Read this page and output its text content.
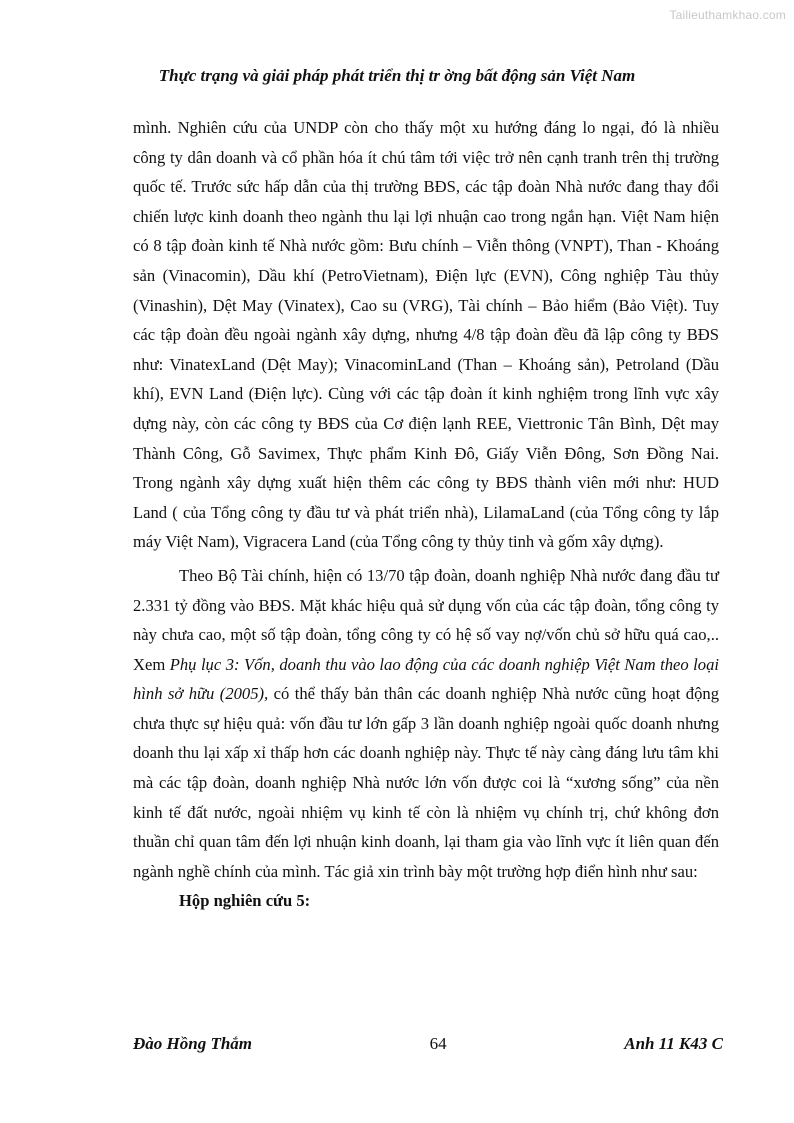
Tailieuthamkhao.com
Thực trạng và giải pháp phát triển thị tr ờng bất động sản Việt Nam

mình. Nghiên cứu của UNDP còn cho thấy một xu hướng đáng lo ngại, đó là nhiều công ty dân doanh và cổ phần hóa ít chú tâm tới việc trở nên cạnh tranh trên thị trường quốc tế. Trước sức hấp dẫn của thị trường BĐS, các tập đoàn Nhà nước đang thay đổi chiến lược kinh doanh theo ngành thu lại lợi nhuận cao trong ngắn hạn. Việt Nam hiện có 8 tập đoàn kinh tế Nhà nước gồm: Bưu chính – Viễn thông (VNPT), Than - Khoáng sản (Vinacomin), Dầu khí (PetroVietnam), Điện lực (EVN), Công nghiệp Tàu thủy (Vinashin), Dệt May (Vinatex), Cao su (VRG), Tài chính – Bảo hiểm (Bảo Việt). Tuy các tập đoàn đều ngoài ngành xây dựng, nhưng 4/8 tập đoàn đều đã lập công ty BĐS như: VinatexLand (Dệt May); VinacominLand (Than – Khoáng sản), Petroland (Dầu khí), EVN Land (Điện lực). Cùng với các tập đoàn ít kinh nghiệm trong lĩnh vực xây dựng này, còn các công ty BĐS của Cơ điện lạnh REE, Viettronic Tân Bình, Dệt may Thành Công, Gỗ Savimex, Thực phẩm Kinh Đô, Giấy Viễn Đông, Sơn Đồng Nai. Trong ngành xây dựng xuất hiện thêm các công ty BĐS thành viên mới như: HUD Land ( của Tổng công ty đầu tư và phát triển nhà), LilamaLand (của Tổng công ty lắp máy Việt Nam), Vigracera Land (của Tổng công ty thủy tinh và gốm xây dựng).

Theo Bộ Tài chính, hiện có 13/70 tập đoàn, doanh nghiệp Nhà nước đang đầu tư 2.331 tỷ đồng vào BĐS. Mặt khác hiệu quả sử dụng vốn của các tập đoàn, tổng công ty này chưa cao, một số tập đoàn, tổng công ty có hệ số vay nợ/vốn chủ sở hữu quá cao,.. Xem Phụ lục 3: Vốn, doanh thu vào lao động của các doanh nghiệp Việt Nam theo loại hình sở hữu (2005), có thể thấy bản thân các doanh nghiệp Nhà nước cũng hoạt động chưa thực sự hiệu quả: vốn đầu tư lớn gấp 3 lần doanh nghiệp ngoài quốc doanh nhưng doanh thu lại xấp xỉ thấp hơn các doanh nghiệp này. Thực tế này càng đáng lưu tâm khi mà các tập đoàn, doanh nghiệp Nhà nước lớn vốn được coi là “xương sống” của nền kinh tế đất nước, ngoài nhiệm vụ kinh tế còn là nhiệm vụ chính trị, chứ không đơn thuần chỉ quan tâm đến lợi nhuận kinh doanh, lại tham gia vào lĩnh vực ít liên quan đến ngành nghề chính của mình. Tác giả xin trình bày một trường hợp điển hình như sau:

Hộp nghiên cứu 5:

Đào Hồng Thắm	64	Anh 11 K43 C
